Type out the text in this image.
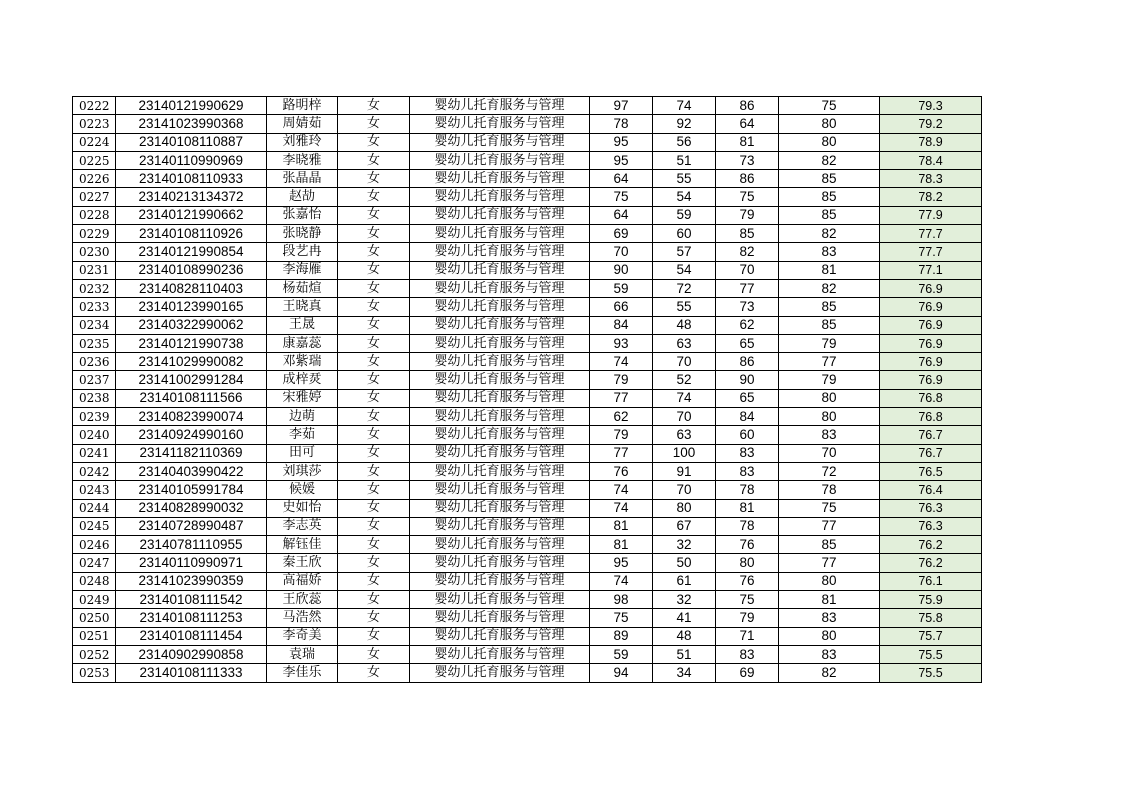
0222	23140121990629	路明梓	女	婴幼儿托育服务与管理	97	74	86	75	79.3
0223	23141023990368	周婧茹	女	婴幼儿托育服务与管理	78	92	64	80	79.2
0224	23140108110887	刘雅玲	女	婴幼儿托育服务与管理	95	56	81	80	78.9
0225	23140110990969	李晓雅	女	婴幼儿托育服务与管理	95	51	73	82	78.4
0226	23140108110933	张晶晶	女	婴幼儿托育服务与管理	64	55	86	85	78.3
0227	23140213134372	赵劼	女	婴幼儿托育服务与管理	75	54	75	85	78.2
0228	23140121990662	张嘉怡	女	婴幼儿托育服务与管理	64	59	79	85	77.9
0229	23140108110926	张晓静	女	婴幼儿托育服务与管理	69	60	85	82	77.7
0230	23140121990854	段艺冉	女	婴幼儿托育服务与管理	70	57	82	83	77.7
0231	23140108990236	李海雁	女	婴幼儿托育服务与管理	90	54	70	81	77.1
0232	23140828110403	杨茹煊	女	婴幼儿托育服务与管理	59	72	77	82	76.9
0233	23140123990165	王晓真	女	婴幼儿托育服务与管理	66	55	73	85	76.9
0234	23140322990062	王晟	女	婴幼儿托育服务与管理	84	48	62	85	76.9
0235	23140121990738	康嘉蕊	女	婴幼儿托育服务与管理	93	63	65	79	76.9
0236	23141029990082	邓紫瑞	女	婴幼儿托育服务与管理	74	70	86	77	76.9
0237	23141002991284	成梓烎	女	婴幼儿托育服务与管理	79	52	90	79	76.9
0238	23140108111566	宋雅婷	女	婴幼儿托育服务与管理	77	74	65	80	76.8
0239	23140823990074	边萌	女	婴幼儿托育服务与管理	62	70	84	80	76.8
0240	23140924990160	李茹	女	婴幼儿托育服务与管理	79	63	60	83	76.7
0241	23141182110369	田可	女	婴幼儿托育服务与管理	77	100	83	70	76.7
0242	23140403990422	刘琪莎	女	婴幼儿托育服务与管理	76	91	83	72	76.5
0243	23140105991784	候媛	女	婴幼儿托育服务与管理	74	70	78	78	76.4
0244	23140828990032	史如怡	女	婴幼儿托育服务与管理	74	80	81	75	76.3
0245	23140728990487	李志英	女	婴幼儿托育服务与管理	81	67	78	77	76.3
0246	23140781110955	解钰佳	女	婴幼儿托育服务与管理	81	32	76	85	76.2
0247	23140110990971	秦王欣	女	婴幼儿托育服务与管理	95	50	80	77	76.2
0248	23141023990359	高福娇	女	婴幼儿托育服务与管理	74	61	76	80	76.1
0249	23140108111542	王欣蕊	女	婴幼儿托育服务与管理	98	32	75	81	75.9
0250	23140108111253	马浩然	女	婴幼儿托育服务与管理	75	41	79	83	75.8
0251	23140108111454	李奇美	女	婴幼儿托育服务与管理	89	48	71	80	75.7
0252	23140902990858	袁瑞	女	婴幼儿托育服务与管理	59	51	83	83	75.5
0253	23140108111333	李佳乐	女	婴幼儿托育服务与管理	94	34	69	82	75.5
